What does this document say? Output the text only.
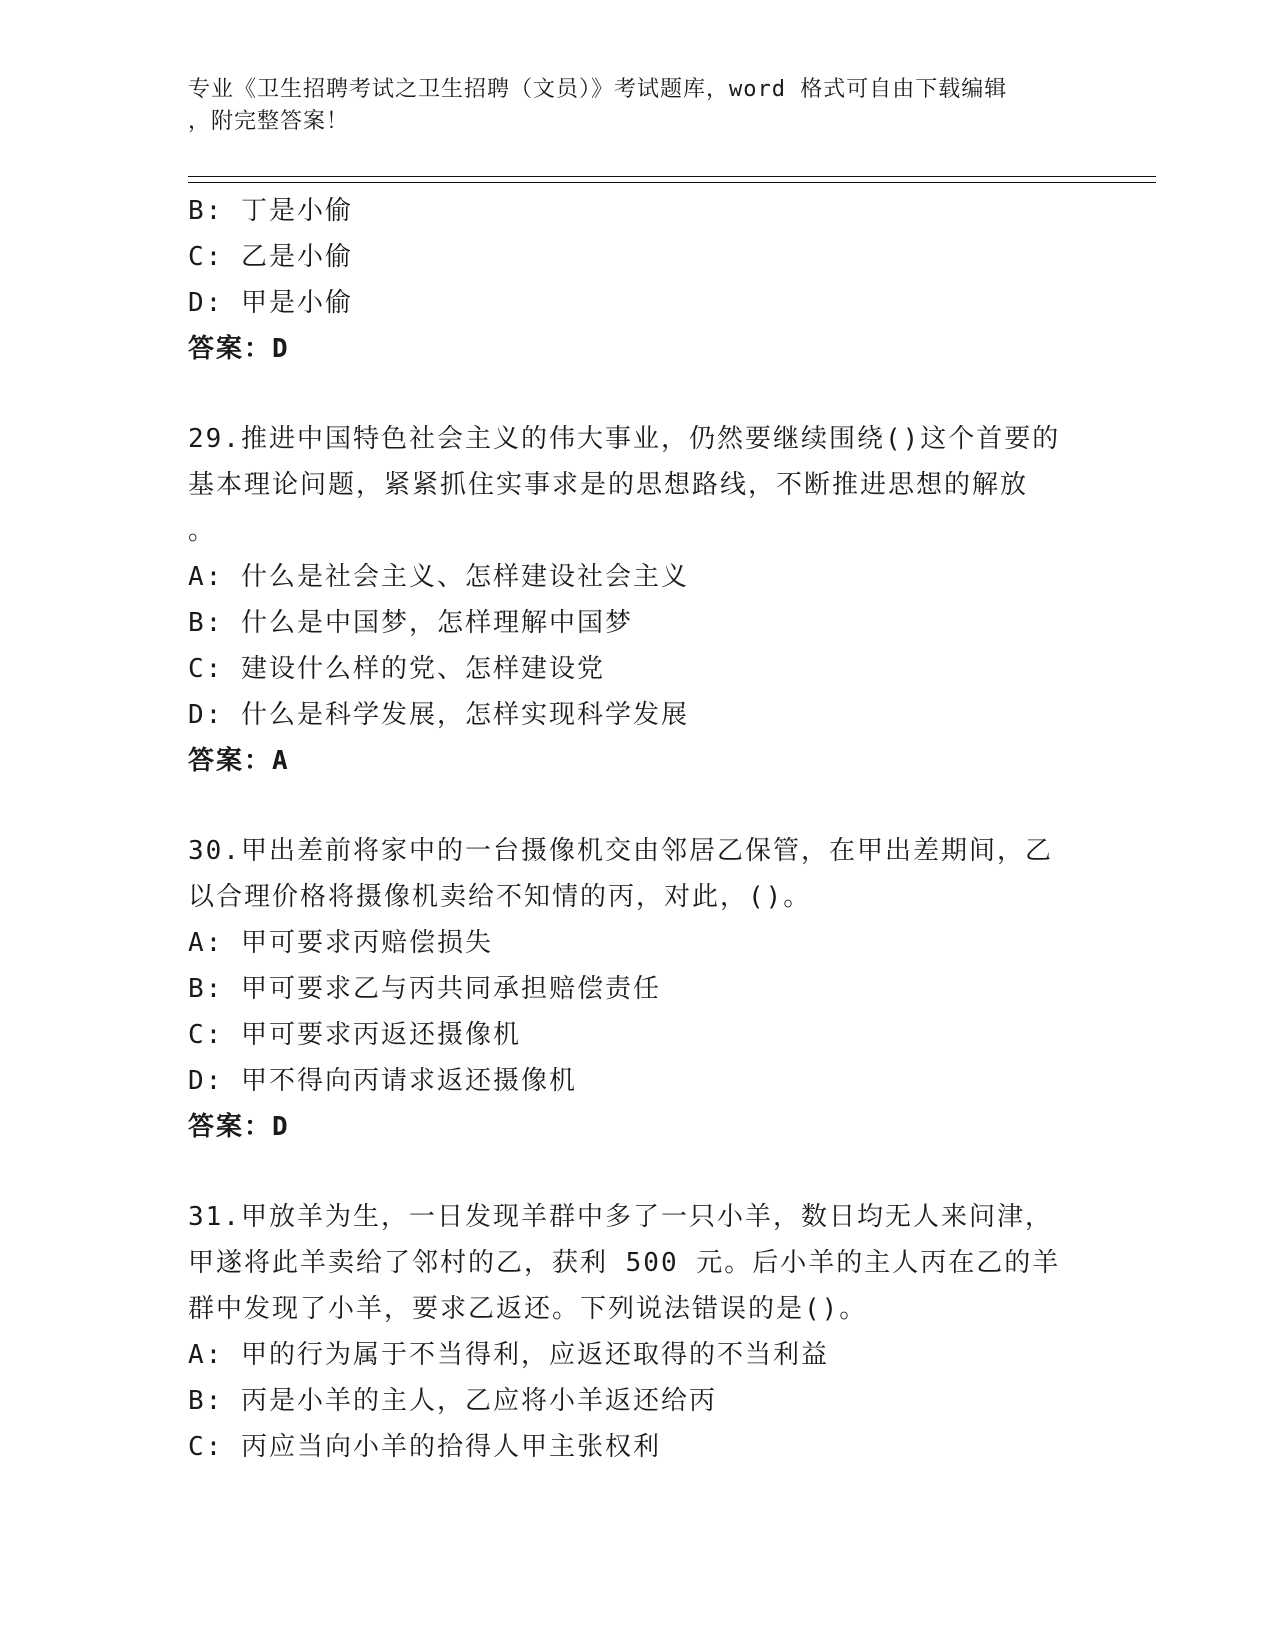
专业《卫生招聘考试之卫生招聘（文员）》考试题库，word 格式可自由下载编辑
，附完整答案！
B: 丁是小偷
C: 乙是小偷
D: 甲是小偷
答案：D
29.推进中国特色社会主义的伟大事业，仍然要继续围绕()这个首要的
基本理论问题，紧紧抓住实事求是的思想路线，不断推进思想的解放
。
A: 什么是社会主义、怎样建设社会主义
B: 什么是中国梦，怎样理解中国梦
C: 建设什么样的党、怎样建设党
D: 什么是科学发展，怎样实现科学发展
答案：A
30.甲出差前将家中的一台摄像机交由邻居乙保管，在甲出差期间，乙
以合理价格将摄像机卖给不知情的丙，对此，()。
A: 甲可要求丙赔偿损失
B: 甲可要求乙与丙共同承担赔偿责任
C: 甲可要求丙返还摄像机
D: 甲不得向丙请求返还摄像机
答案：D
31.甲放羊为生，一日发现羊群中多了一只小羊，数日均无人来问津，
甲遂将此羊卖给了邻村的乙，获利 500 元。后小羊的主人丙在乙的羊
群中发现了小羊，要求乙返还。下列说法错误的是()。
A: 甲的行为属于不当得利，应返还取得的不当利益
B: 丙是小羊的主人，乙应将小羊返还给丙
C: 丙应当向小羊的拾得人甲主张权利
